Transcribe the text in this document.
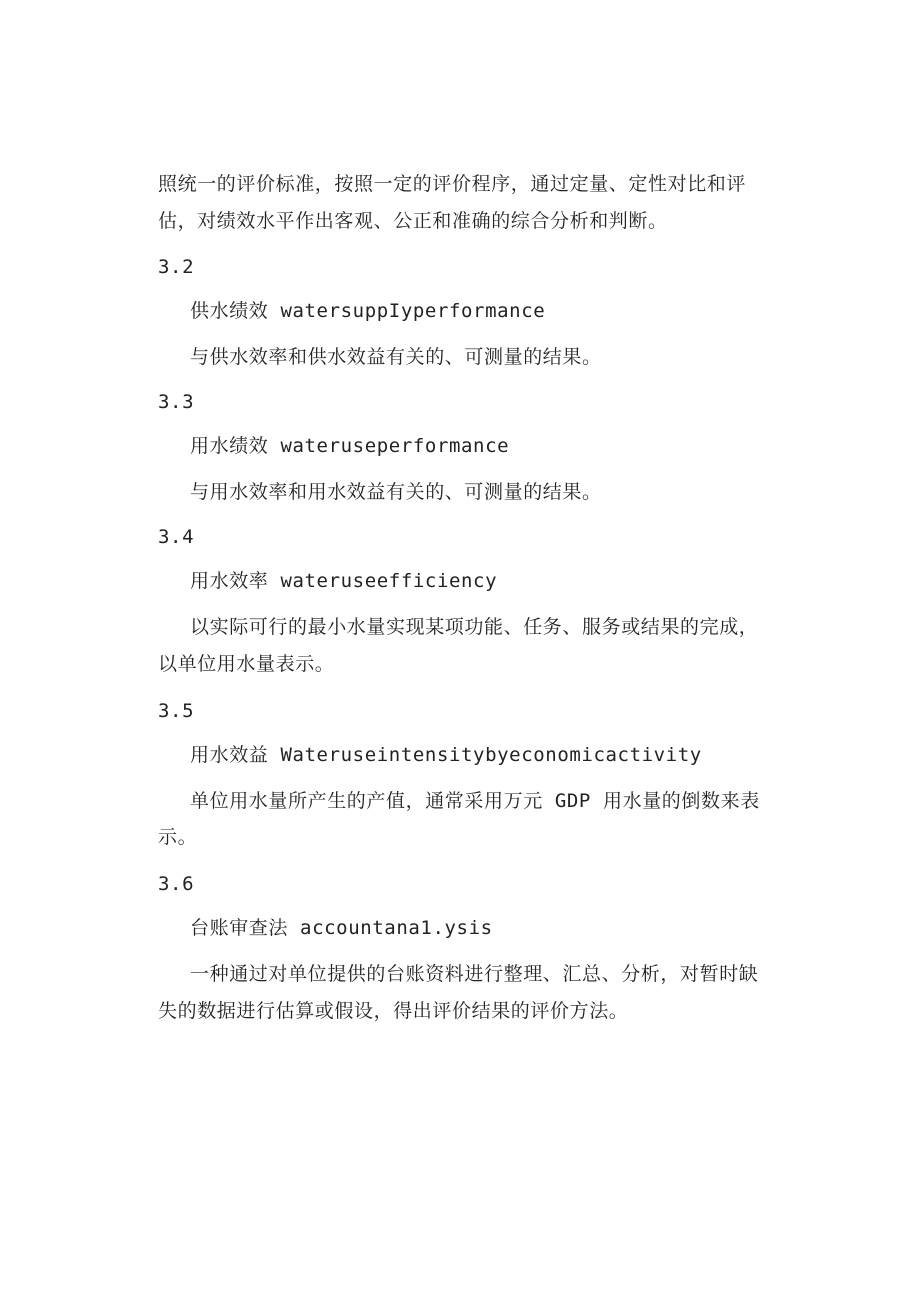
照统一的评价标准，按照一定的评价程序，通过定量、定性对比和评
估，对绩效水平作出客观、公正和准确的综合分析和判断。
3.2
供水绩效 watersuppIyperformance
与供水效率和供水效益有关的、可测量的结果。
3.3
用水绩效 wateruseperformance
与用水效率和用水效益有关的、可测量的结果。
3.4
用水效率 wateruseefficiency
以实际可行的最小水量实现某项功能、任务、服务或结果的完成，
以单位用水量表示。
3.5
用水效益 Wateruseintensitybyeconomicactivity
单位用水量所产生的产值，通常采用万元 GDP 用水量的倒数来表
示。
3.6
台账审查法 accountana1.ysis
一种通过对单位提供的台账资料进行整理、汇总、分析，对暂时缺
失的数据进行估算或假设，得出评价结果的评价方法。
